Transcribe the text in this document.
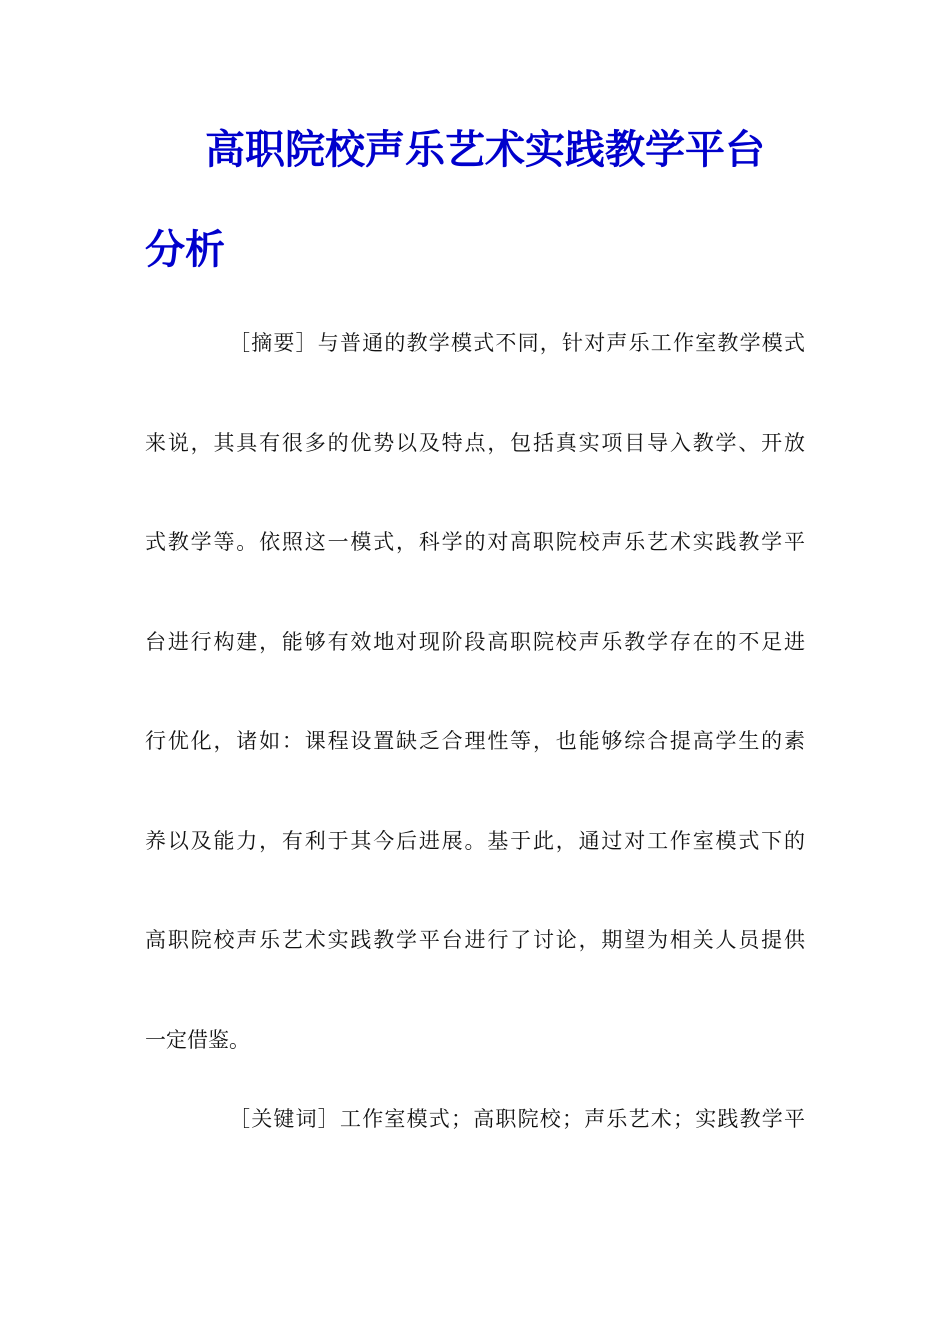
高职院校声乐艺术实践教学平台
分析
［摘要］与普通的教学模式不同，针对声乐工作室教学模式
来说，其具有很多的优势以及特点，包括真实项目导入教学、开放
式教学等。依照这一模式，科学的对高职院校声乐艺术实践教学平
台进行构建，能够有效地对现阶段高职院校声乐教学存在的不足进
行优化，诸如：课程设置缺乏合理性等，也能够综合提高学生的素
养以及能力，有利于其今后进展。基于此，通过对工作室模式下的
高职院校声乐艺术实践教学平台进行了讨论，期望为相关人员提供
一定借鉴。
［关键词］工作室模式；高职院校；声乐艺术；实践教学平
